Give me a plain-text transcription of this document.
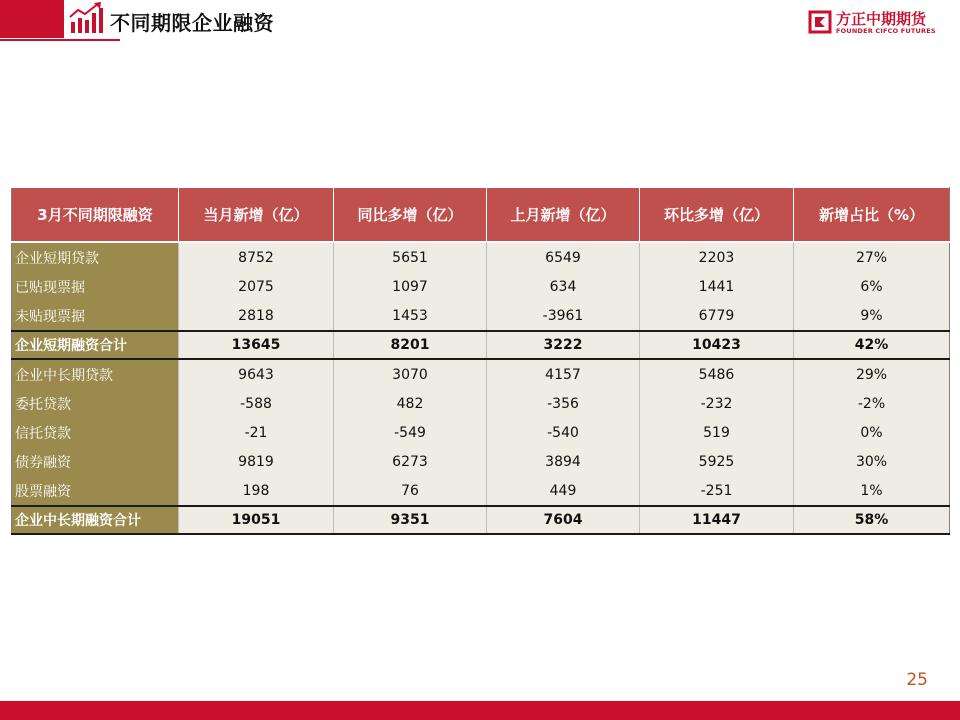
不同期限企业融资	方正中期期货
FOUNDER CIFCO FUTURES
3月不同期限融资	当月新增（亿）	同比多增（亿）	上月新增（亿）	环比多增（亿）	新增占比（%）
企业短期贷款	8752	5651	6549	2203	27%
已贴现票据	2075	1097	634	1441	6%
未贴现票据	2818	1453	-3961	6779	9%
企业短期融资合计	13645	8201	3222	10423	42%
企业中长期贷款	9643	3070	4157	5486	29%
委托贷款	-588	482	-356	-232	-2%
信托贷款	-21	-549	-540	519	0%
债券融资	9819	6273	3894	5925	30%
股票融资	198	76	449	-251	1%
企业中长期融资合计	19051	9351	7604	11447	58%
25
